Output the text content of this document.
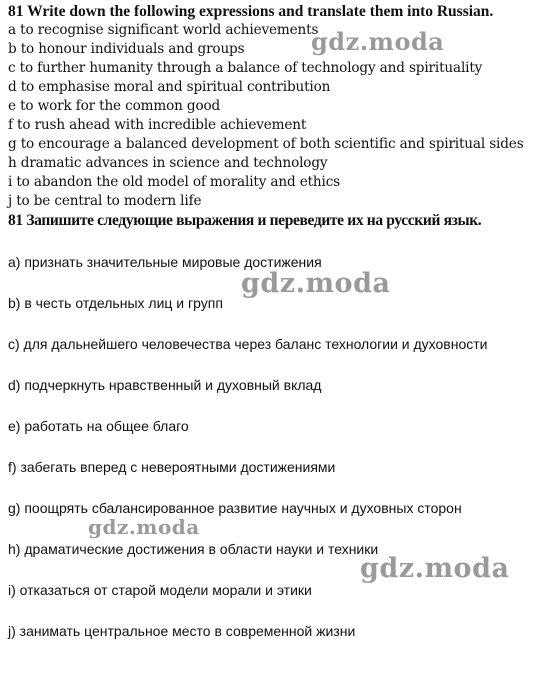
81 Write down the following expressions and translate them into Russian.
a to recognise significant world achievements
b to honour individuals and groups
c to further humanity through a balance of technology and spirituality
d to emphasise moral and spiritual contribution
e to work for the common good
f to rush ahead with incredible achievement
g to encourage a balanced development of both scientific and spiritual sides
h dramatic advances in science and technology
i to abandon the old model of morality and ethics
j to be central to modern life
81 Запишите следующие выражения и переведите их на русский язык.
a) признать значительные мировые достижения
b) в честь отдельных лиц и групп
c) для дальнейшего человечества через баланс технологии и духовности
d) подчеркнуть нравственный и духовный вклад
e) работать на общее благо
f) забегать вперед с невероятными достижениями
g) поощрять сбалансированное развитие научных и духовных сторон
h) драматические достижения в области науки и техники
i) отказаться от старой модели морали и этики
j) занимать центральное место в современной жизни
gdz.moda
gdz.moda
gdz.moda
gdz.moda
